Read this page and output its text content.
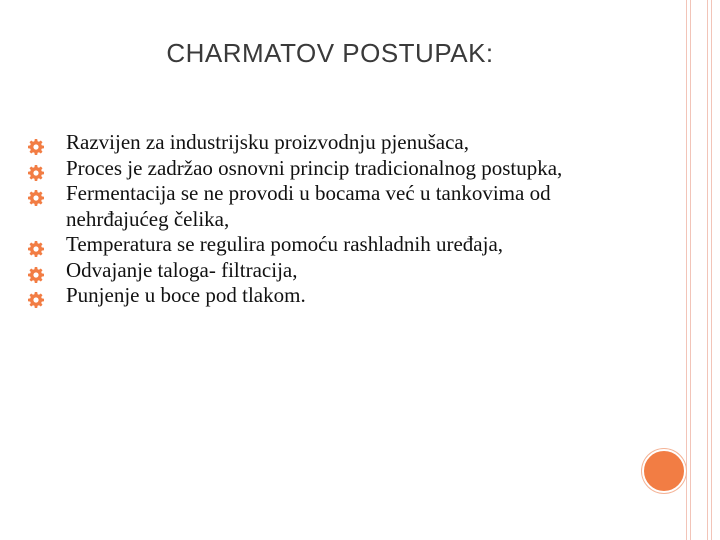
CHARMATOV POSTUPAK:
Razvijen za industrijsku proizvodnju pjenušaca,
Proces je zadržao osnovni princip tradicionalnog postupka,
Fermentacija se ne provodi u bocama već u tankovima od nehrđajućeg čelika,
Temperatura se regulira pomoću rashladnih uređaja,
Odvajanje taloga- filtracija,
Punjenje u boce pod tlakom.
